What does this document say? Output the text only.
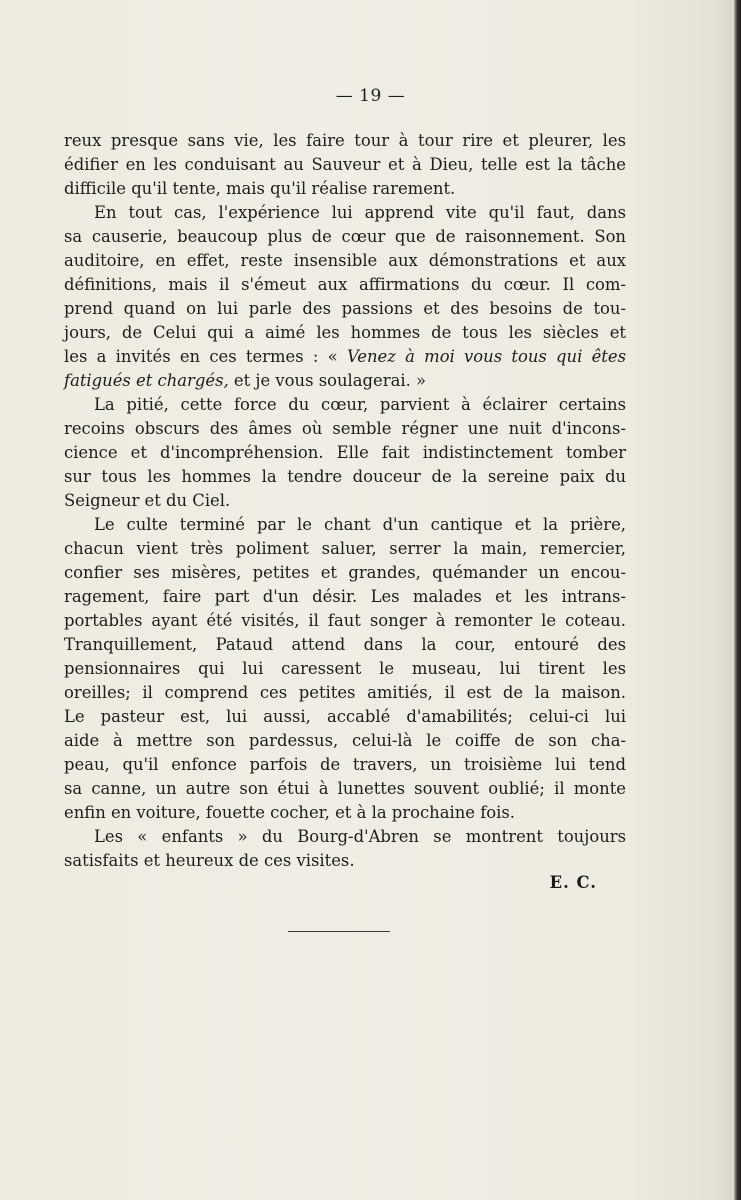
— 19 —
reux presque sans vie, les faire tour à tour rire et pleurer, les
édifier en les conduisant au Sauveur et à Dieu, telle est la tâche
difficile qu'il tente, mais qu'il réalise rarement.
En tout cas, l'expérience lui apprend vite qu'il faut, dans
sa causerie, beaucoup plus de cœur que de raisonnement. Son
auditoire, en effet, reste insensible aux démonstrations et aux
définitions, mais il s'émeut aux affirmations du cœur. Il com-
prend quand on lui parle des passions et des besoins de tou-
jours, de Celui qui a aimé les hommes de tous les siècles et
les a invités en ces termes : « Venez à moi vous tous qui êtes
fatigués et chargés, et je vous soulagerai. »
La pitié, cette force du cœur, parvient à éclairer certains
recoins obscurs des âmes où semble régner une nuit d'incons-
cience et d'incompréhension. Elle fait indistinctement tomber
sur tous les hommes la tendre douceur de la sereine paix du
Seigneur et du Ciel.
Le culte terminé par le chant d'un cantique et la prière,
chacun vient très poliment saluer, serrer la main, remercier,
confier ses misères, petites et grandes, quémander un encou-
ragement, faire part d'un désir. Les malades et les intrans-
portables ayant été visités, il faut songer à remonter le coteau.
Tranquillement, Pataud attend dans la cour, entouré des
pensionnaires qui lui caressent le museau, lui tirent les
oreilles; il comprend ces petites amitiés, il est de la maison.
Le pasteur est, lui aussi, accablé d'amabilités; celui-ci lui
aide à mettre son pardessus, celui-là le coiffe de son cha-
peau, qu'il enfonce parfois de travers, un troisième lui tend
sa canne, un autre son étui à lunettes souvent oublié; il monte
enfin en voiture, fouette cocher, et à la prochaine fois.
Les « enfants » du Bourg-d'Abren se montrent toujours
satisfaits et heureux de ces visites.
E. C.
